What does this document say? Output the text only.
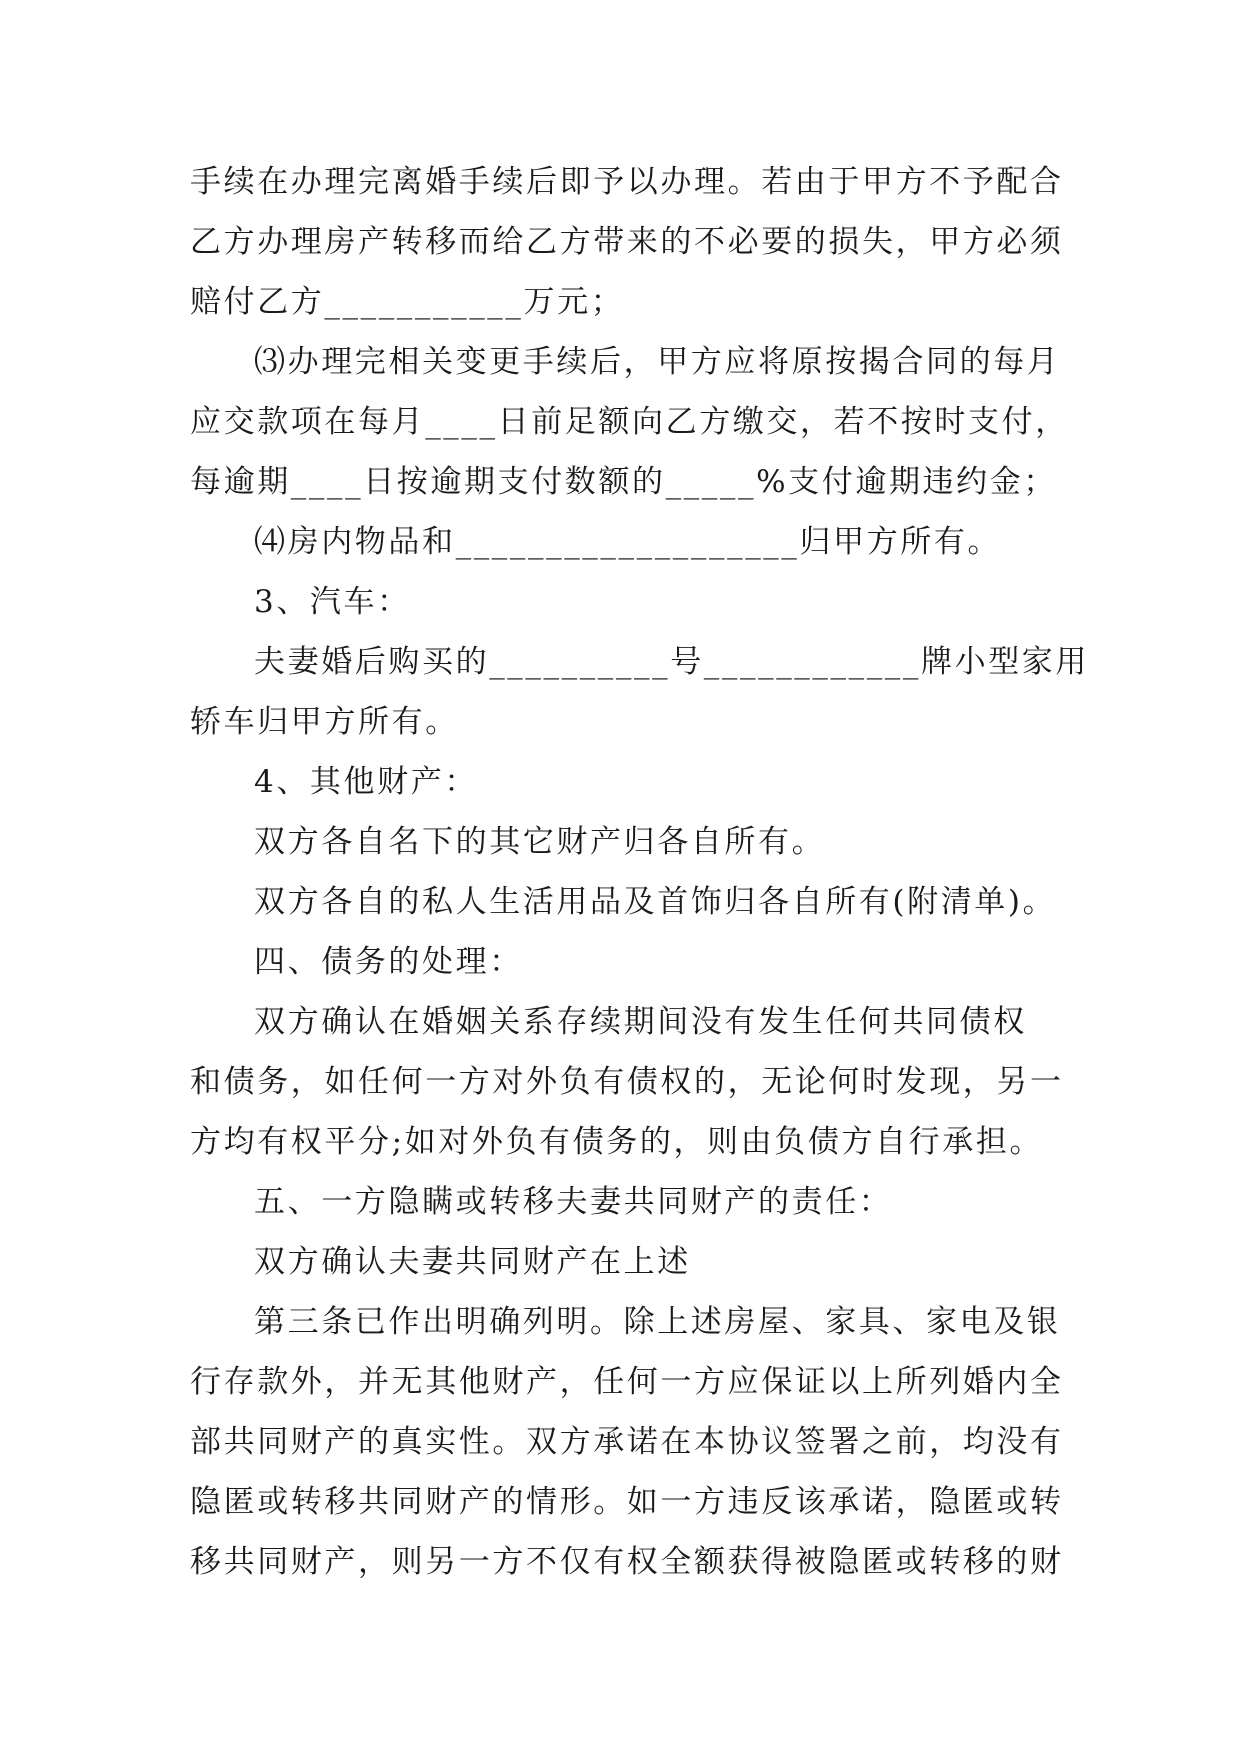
手续在办理完离婚手续后即予以办理。若由于甲方不予配合
乙方办理房产转移而给乙方带来的不必要的损失，甲方必须
赔付乙方___________万元；
⑶办理完相关变更手续后，甲方应将原按揭合同的每月
应交款项在每月____日前足额向乙方缴交，若不按时支付，
每逾期____日按逾期支付数额的_____%支付逾期违约金；
⑷房内物品和___________________归甲方所有。
3、汽车：
夫妻婚后购买的__________号____________牌小型家用
轿车归甲方所有。
4、其他财产：
双方各自名下的其它财产归各自所有。
双方各自的私人生活用品及首饰归各自所有(附清单)。
四、债务的处理：
双方确认在婚姻关系存续期间没有发生任何共同债权
和债务，如任何一方对外负有债权的，无论何时发现，另一
方均有权平分;如对外负有债务的，则由负债方自行承担。
五、一方隐瞒或转移夫妻共同财产的责任：
双方确认夫妻共同财产在上述
第三条已作出明确列明。除上述房屋、家具、家电及银
行存款外，并无其他财产，任何一方应保证以上所列婚内全
部共同财产的真实性。双方承诺在本协议签署之前，均没有
隐匿或转移共同财产的情形。如一方违反该承诺，隐匿或转
移共同财产，则另一方不仅有权全额获得被隐匿或转移的财
